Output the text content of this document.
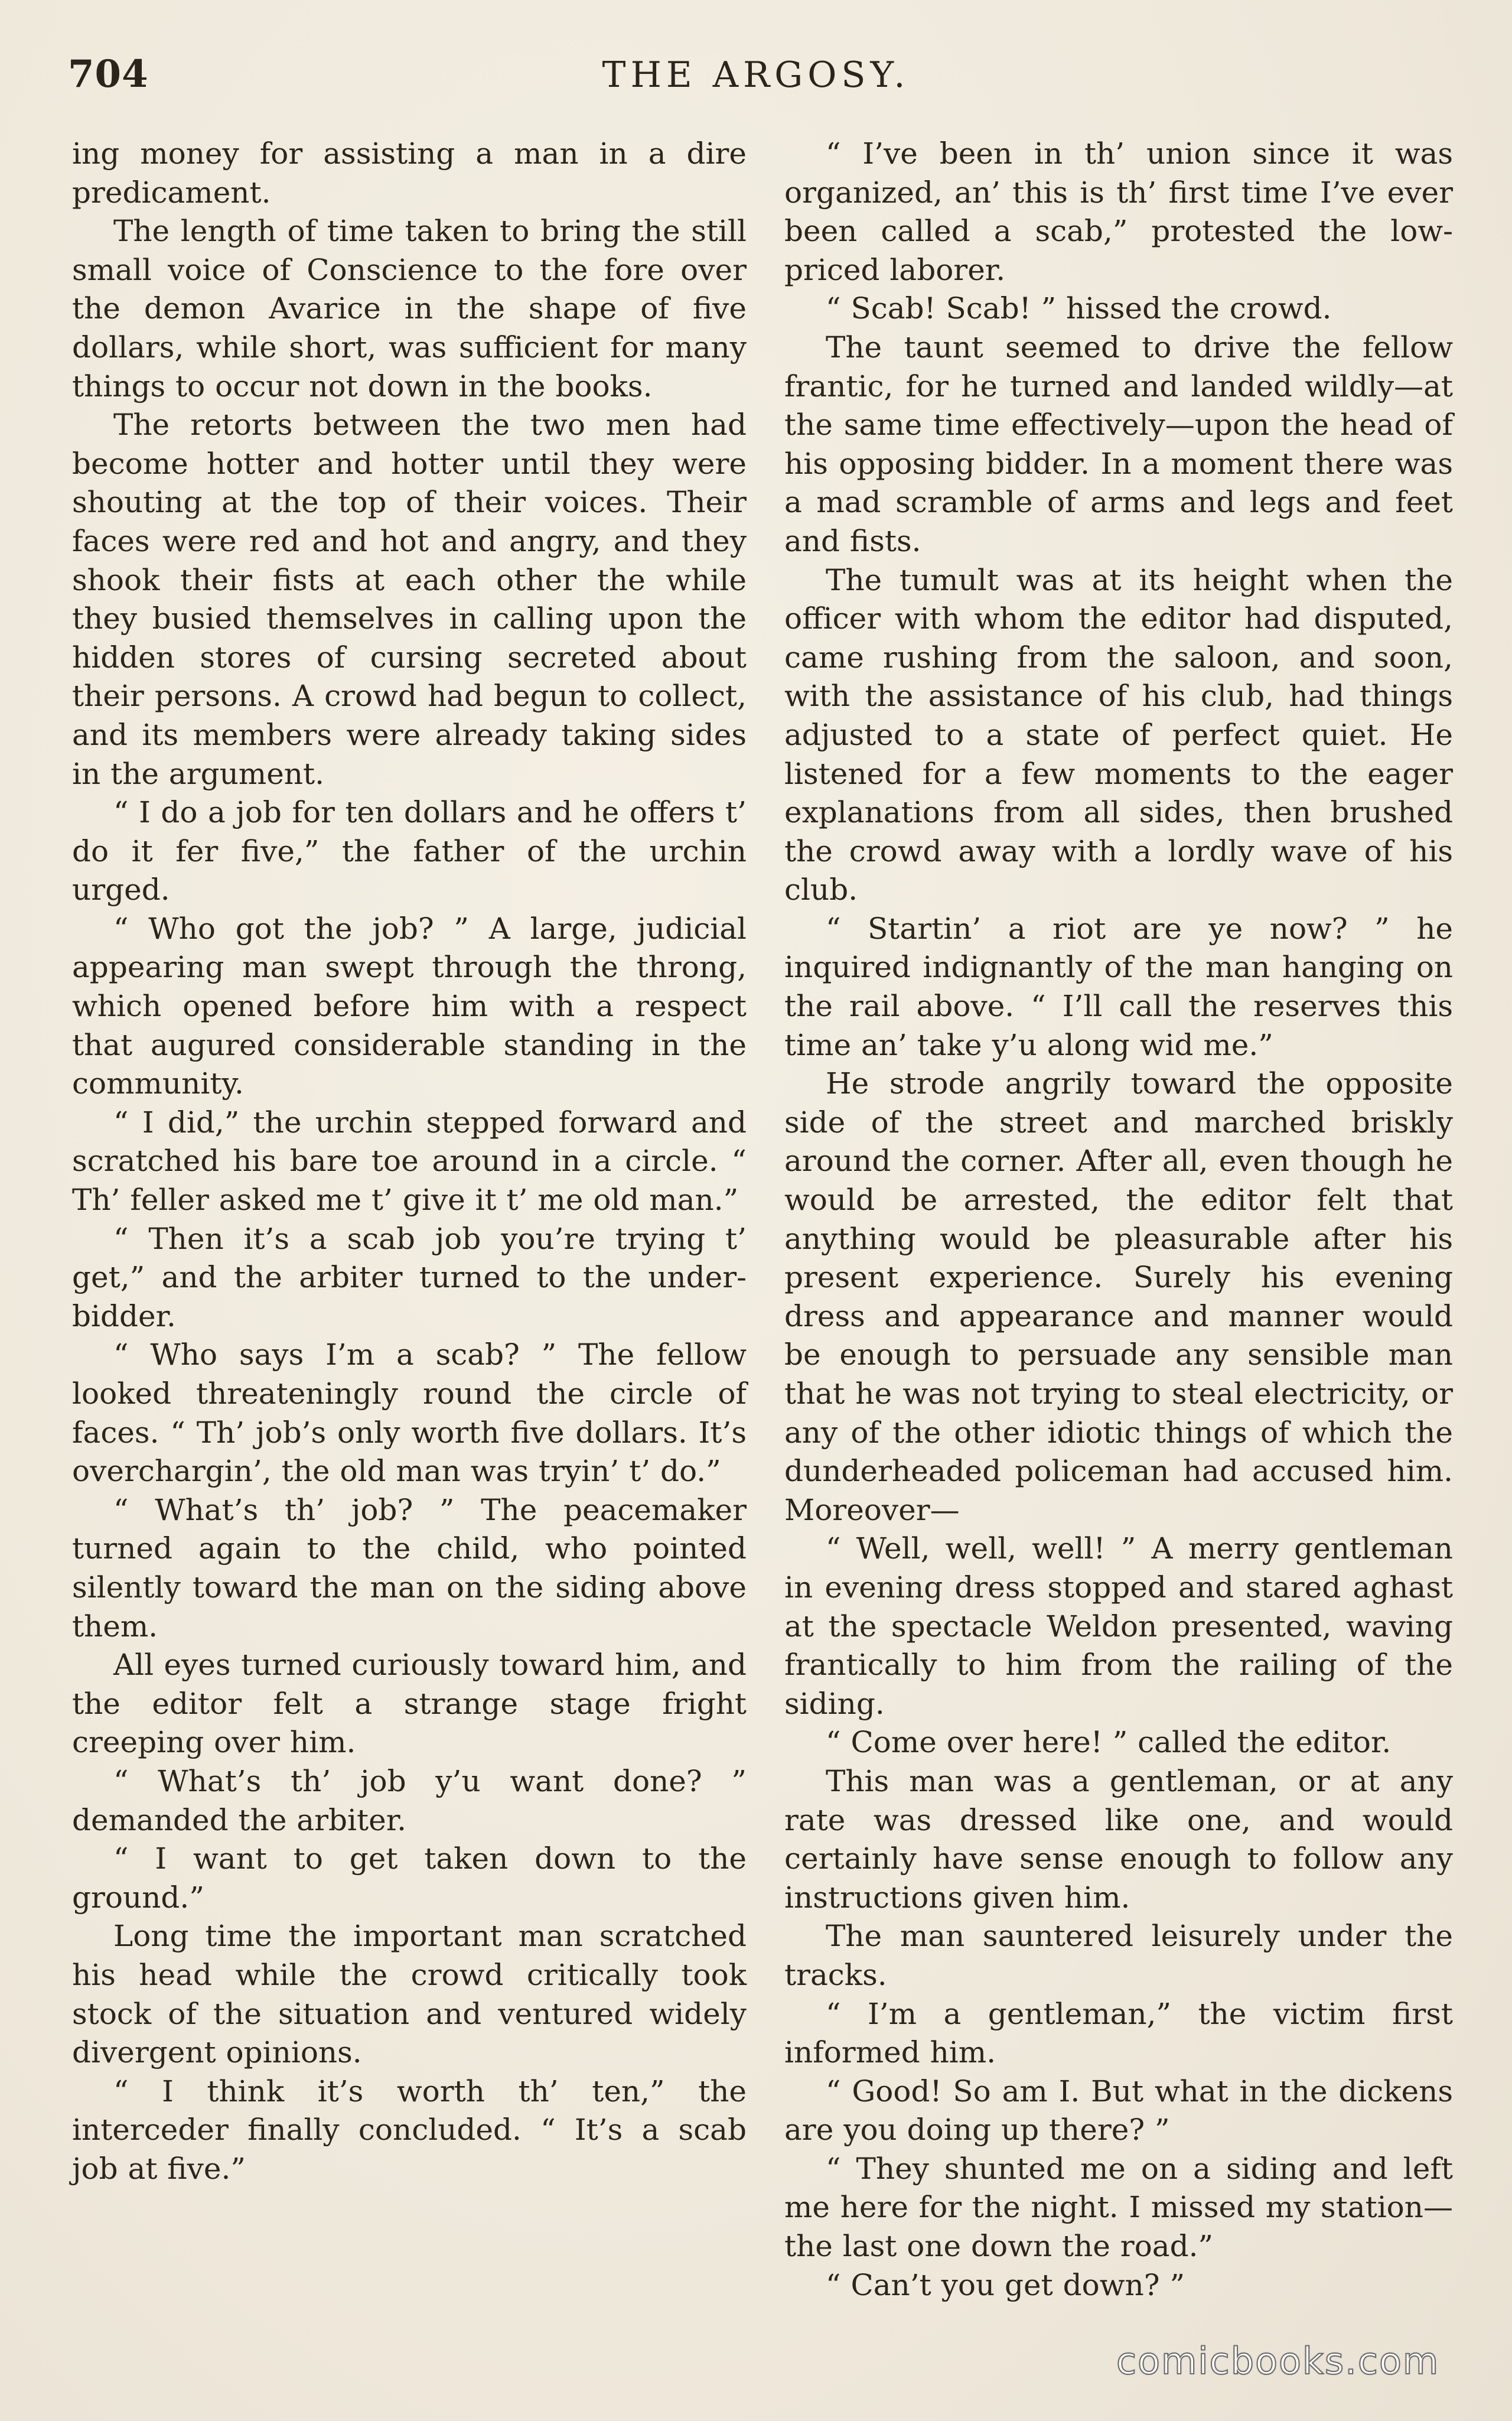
704	THE ARGOSY.

ing money for assisting a man in a dire predicament.

The length of time taken to bring the still small voice of Conscience to the fore over the demon Avarice in the shape of five dollars, while short, was sufficient for many things to occur not down in the books.

The retorts between the two men had become hotter and hotter until they were shouting at the top of their voices. Their faces were red and hot and angry, and they shook their fists at each other the while they busied themselves in calling upon the hidden stores of cursing secreted about their persons. A crowd had begun to collect, and its members were already taking sides in the argument.

“ I do a job for ten dollars and he offers t’ do it fer five,” the father of the urchin urged.

“ Who got the job? ” A large, judicial appearing man swept through the throng, which opened before him with a respect that augured considerable standing in the community.

“ I did,” the urchin stepped forward and scratched his bare toe around in a circle. “ Th’ feller asked me t’ give it t’ me old man.”

“ Then it’s a scab job you’re trying t’ get,” and the arbiter turned to the under-bidder.

“ Who says I’m a scab? ” The fellow looked threateningly round the circle of faces. “ Th’ job’s only worth five dollars. It’s overchargin’, the old man was tryin’ t’ do.”

“ What’s th’ job? ” The peacemaker turned again to the child, who pointed silently toward the man on the siding above them.

All eyes turned curiously toward him, and the editor felt a strange stage fright creeping over him.

“ What’s th’ job y’u want done? ” demanded the arbiter.

“ I want to get taken down to the ground.”

Long time the important man scratched his head while the crowd critically took stock of the situation and ventured widely divergent opinions.

“ I think it’s worth th’ ten,” the interceder finally concluded. “ It’s a scab job at five.”

“ I’ve been in th’ union since it was organized, an’ this is th’ first time I’ve ever been called a scab,” protested the low-priced laborer.

“ Scab! Scab! ” hissed the crowd.

The taunt seemed to drive the fellow frantic, for he turned and landed wildly—at the same time effectively—upon the head of his opposing bidder. In a moment there was a mad scramble of arms and legs and feet and fists.

The tumult was at its height when the officer with whom the editor had disputed, came rushing from the saloon, and soon, with the assistance of his club, had things adjusted to a state of perfect quiet. He listened for a few moments to the eager explanations from all sides, then brushed the crowd away with a lordly wave of his club.

“ Startin’ a riot are ye now? ” he inquired indignantly of the man hanging on the rail above. “ I’ll call the reserves this time an’ take y’u along wid me.”

He strode angrily toward the opposite side of the street and marched briskly around the corner. After all, even though he would be arrested, the editor felt that anything would be pleasurable after his present experience. Surely his evening dress and appearance and manner would be enough to persuade any sensible man that he was not trying to steal electricity, or any of the other idiotic things of which the dunderheaded policeman had accused him. Moreover—

“ Well, well, well! ” A merry gentleman in evening dress stopped and stared aghast at the spectacle Weldon presented, waving frantically to him from the railing of the siding.

“ Come over here! ” called the editor.

This man was a gentleman, or at any rate was dressed like one, and would certainly have sense enough to follow any instructions given him.

The man sauntered leisurely under the tracks.

“ I’m a gentleman,” the victim first informed him.

“ Good! So am I. But what in the dickens are you doing up there? ”

“ They shunted me on a siding and left me here for the night. I missed my station—the last one down the road.”

“ Can’t you get down? ”

comicbooks.com
